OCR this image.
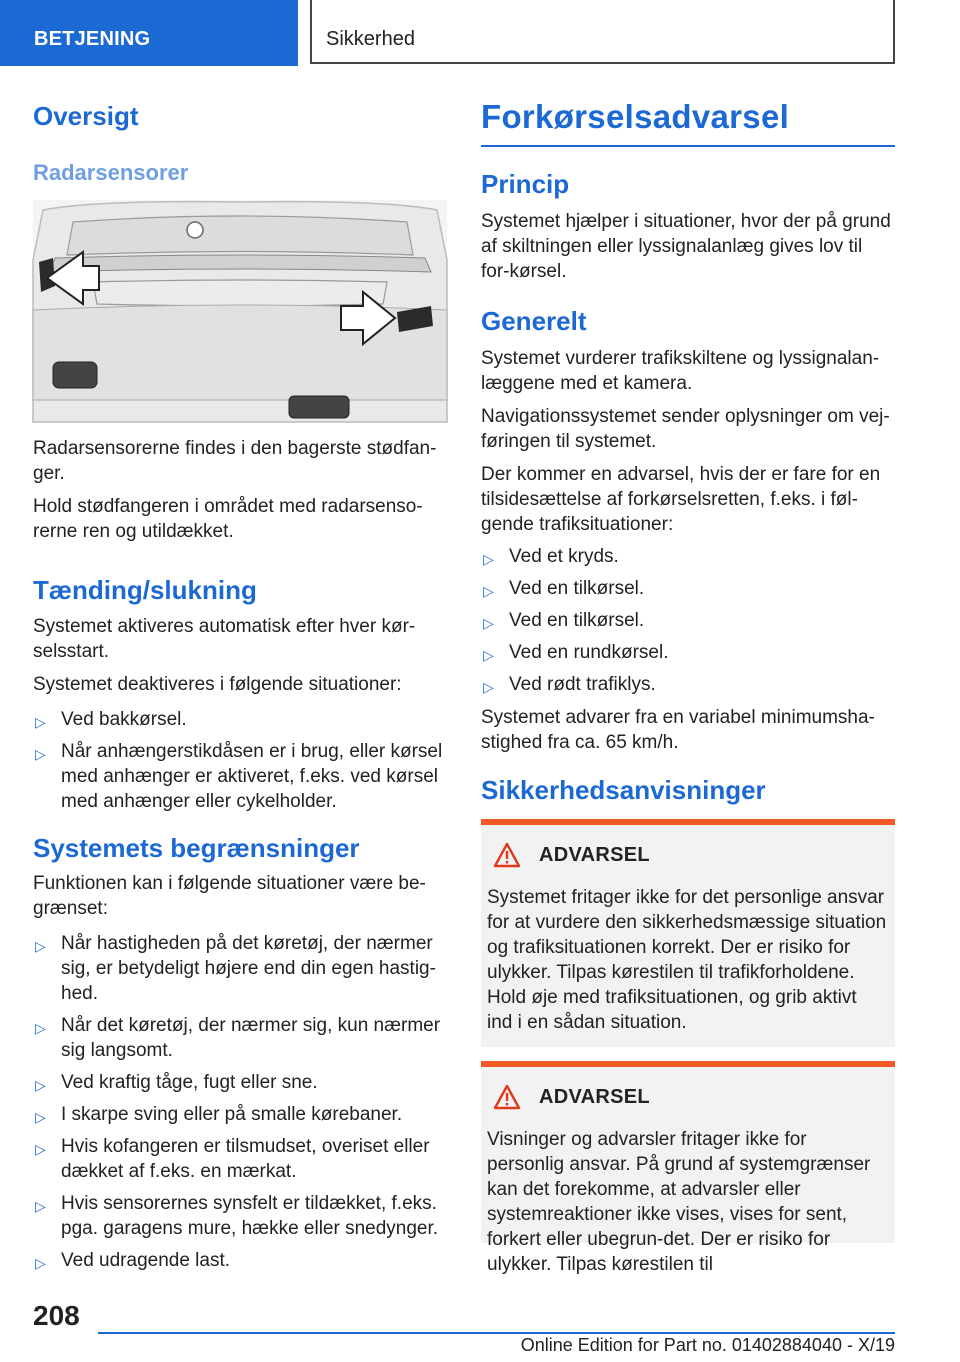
BETJENING	Sikkerhed
Oversigt
Radarsensorer

Radarsensorerne findes i den bagerste stødfan-ger.

Hold stødfangeren i området med radarsenso-rerne ren og utildækket.

Tænding/slukning

Systemet aktiveres automatisk efter hver kør-selsstart.

Systemet deaktiveres i følgende situationer:

▷ Ved bakkørsel.
▷ Når anhængerstikdåsen er i brug, eller kørsel med anhænger er aktiveret, f.eks. ved kørsel med anhænger eller cykelholder.
Systemets begrænsninger

Funktionen kan i følgende situationer være be-grænset:

▷ Når hastigheden på det køretøj, der nærmer sig, er betydeligt højere end din egen hastig-hed.
▷ Når det køretøj, der nærmer sig, kun nærmer sig langsomt.
▷ Ved kraftig tåge, fugt eller sne.
▷ I skarpe sving eller på smalle kørebaner.
▷ Hvis kofangeren er tilsmudset, overiset eller dækket af f.eks. en mærkat.
▷ Hvis sensorernes synsfelt er tildækket, f.eks. pga. garagens mure, hække eller snedynger.
▷ Ved udragende last.
Forkørselsadvarsel
Princip

Systemet hjælper i situationer, hvor der på grund af skiltningen eller lyssignalanlæg gives lov til for-kørsel.

Generelt

Systemet vurderer trafikskiltene og lyssignalan-læggene med et kamera.

Navigationssystemet sender oplysninger om vej-føringen til systemet.

Der kommer en advarsel, hvis der er fare for en tilsidesættelse af forkørselsretten, f.eks. i føl-gende trafiksituationer:

▷ Ved et kryds.
▷ Ved en tilkørsel.
▷ Ved en tilkørsel.
▷ Ved en rundkørsel.
▷ Ved rødt trafiklys.

Systemet advarer fra en variabel minimumsha-stighed fra ca. 65 km/h.

Sikkerhedsanvisninger
ADVARSEL

Systemet fritager ikke for det personlige ansvar for at vurdere den sikkerhedsmæssige situation og trafiksituationen korrekt. Der er risiko for ulykker. Tilpas kørestilen til trafikforholdene. Hold øje med trafiksituationen, og grib aktivt ind i en sådan situation.

ADVARSEL

Visninger og advarsler fritager ikke for personlig ansvar. På grund af systemgrænser kan det forekomme, at advarsler eller systemreaktioner ikke vises, vises for sent, forkert eller ubegrun-det. Der er risiko for ulykker. Tilpas kørestilen til

208
Online Edition for Part no. 01402884040 - X/19
